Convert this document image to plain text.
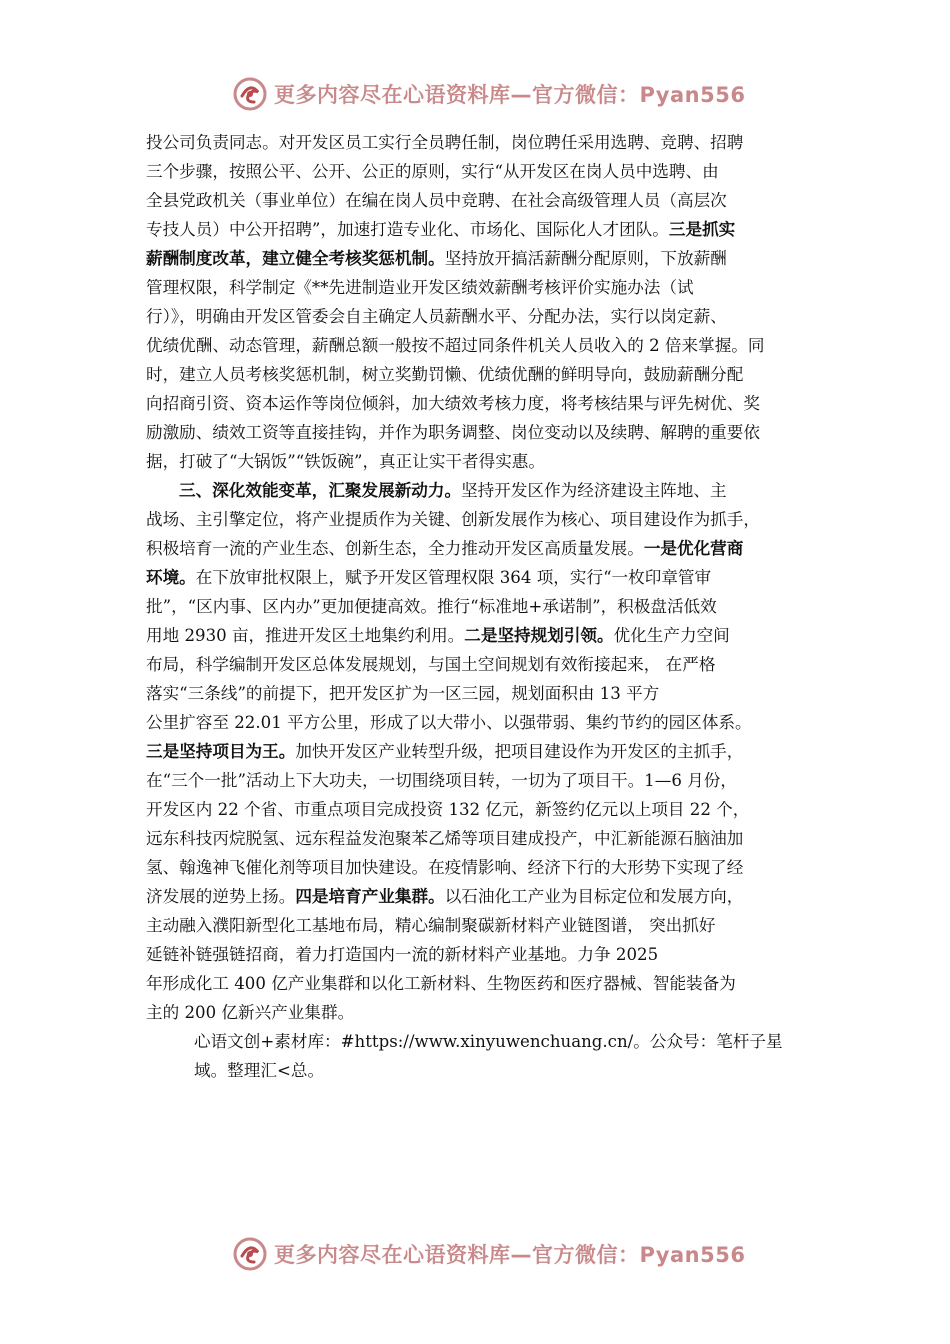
更多内容尽在心语资料库—官方微信：Pyan556
投公司负责同志。对开发区员工实行全员聘任制，岗位聘任采用选聘、竞聘、招聘
三个步骤，按照公平、公开、公正的原则，实行“从开发区在岗人员中选聘、由
全县党政机关（事业单位）在编在岗人员中竞聘、在社会高级管理人员（高层次
专技人员）中公开招聘”，加速打造专业化、市场化、国际化人才团队。三是抓实
薪酬制度改革，建立健全考核奖惩机制。坚持放开搞活薪酬分配原则，下放薪酬
管理权限，科学制定《**先进制造业开发区绩效薪酬考核评价实施办法（试
行）》，明确由开发区管委会自主确定人员薪酬水平、分配办法，实行以岗定薪、
优绩优酬、动态管理，薪酬总额一般按不超过同条件机关人员收入的 2 倍来掌握。同
时，建立人员考核奖惩机制，树立奖勤罚懒、优绩优酬的鲜明导向，鼓励薪酬分配
向招商引资、资本运作等岗位倾斜，加大绩效考核力度，将考核结果与评先树优、奖
励激励、绩效工资等直接挂钩，并作为职务调整、岗位变动以及续聘、解聘的重要依
据，打破了“大锅饭”“铁饭碗”，真正让实干者得实惠。
三、深化效能变革，汇聚发展新动力。坚持开发区作为经济建设主阵地、主
战场、主引擎定位，将产业提质作为关键、创新发展作为核心、项目建设作为抓手，
积极培育一流的产业生态、创新生态，全力推动开发区高质量发展。一是优化营商
环境。在下放审批权限上，赋予开发区管理权限 364 项，实行“一枚印章管审
批”，“区内事、区内办”更加便捷高效。推行“标准地+承诺制”，积极盘活低效
用地 2930 亩，推进开发区土地集约利用。二是坚持规划引领。优化生产力空间
布局，科学编制开发区总体发展规划，与国土空间规划有效衔接起来， 在严格
落实“三条线”的前提下，把开发区扩为一区三园，规划面积由 13 平方
公里扩容至 22.01 平方公里，形成了以大带小、以强带弱、集约节约的园区体系。
三是坚持项目为王。加快开发区产业转型升级，把项目建设作为开发区的主抓手，
在“三个一批”活动上下大功夫，一切围绕项目转，一切为了项目干。1—6 月份，
开发区内 22 个省、市重点项目完成投资 132 亿元，新签约亿元以上项目 22 个，
远东科技丙烷脱氢、远东程益发泡聚苯乙烯等项目建成投产，中汇新能源石脑油加
氢、翰逸神飞催化剂等项目加快建设。在疫情影响、经济下行的大形势下实现了经
济发展的逆势上扬。四是培育产业集群。以石油化工产业为目标定位和发展方向，
主动融入濮阳新型化工基地布局，精心编制聚碳新材料产业链图谱， 突出抓好
延链补链强链招商，着力打造国内一流的新材料产业基地。力争 2025
年形成化工 400 亿产业集群和以化工新材料、生物医药和医疗器械、智能装备为
主的 200 亿新兴产业集群。
心语文创+素材库：#https://www.xinyuwenchuang.cn/。公众号：笔杆子星
域。整理汇<总。
更多内容尽在心语资料库—官方微信：Pyan556
